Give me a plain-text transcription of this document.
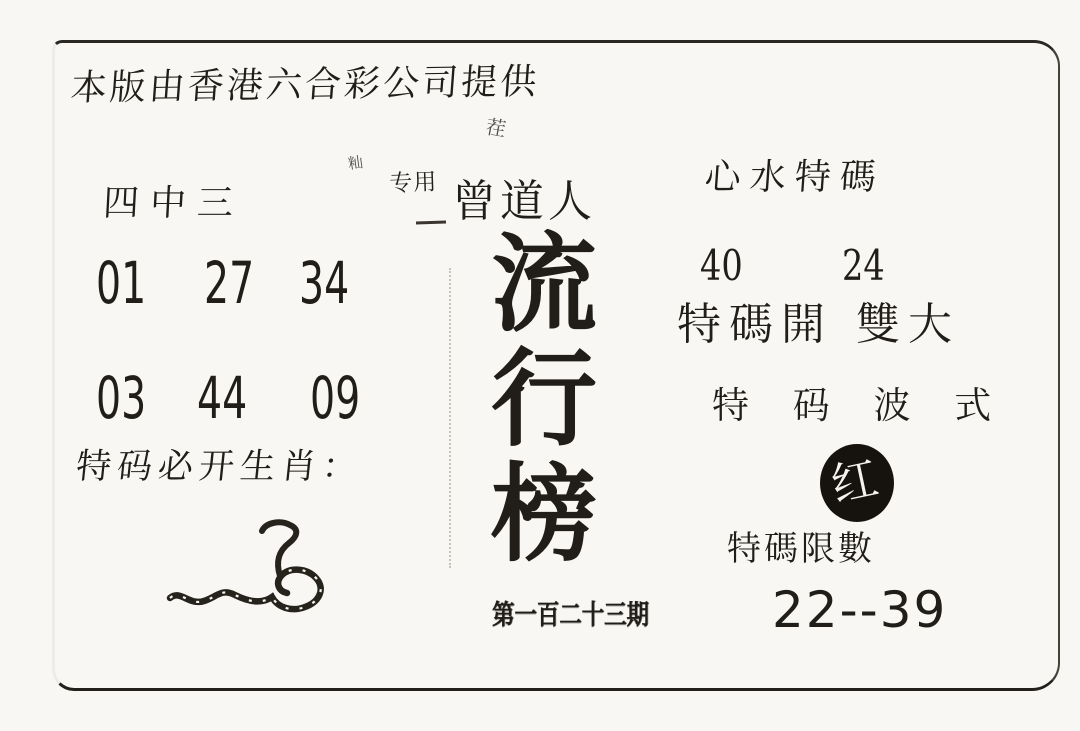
本版由香港六合彩公司提供
茬
籼
四中三
01 27 34
03 44 09
特码必开生肖：
专用 曾道人
流
行
榜
第一百二十三期
心水特碼
40 24
特碼開 雙大
特 码 波 式
红
特碼限數
22--39
